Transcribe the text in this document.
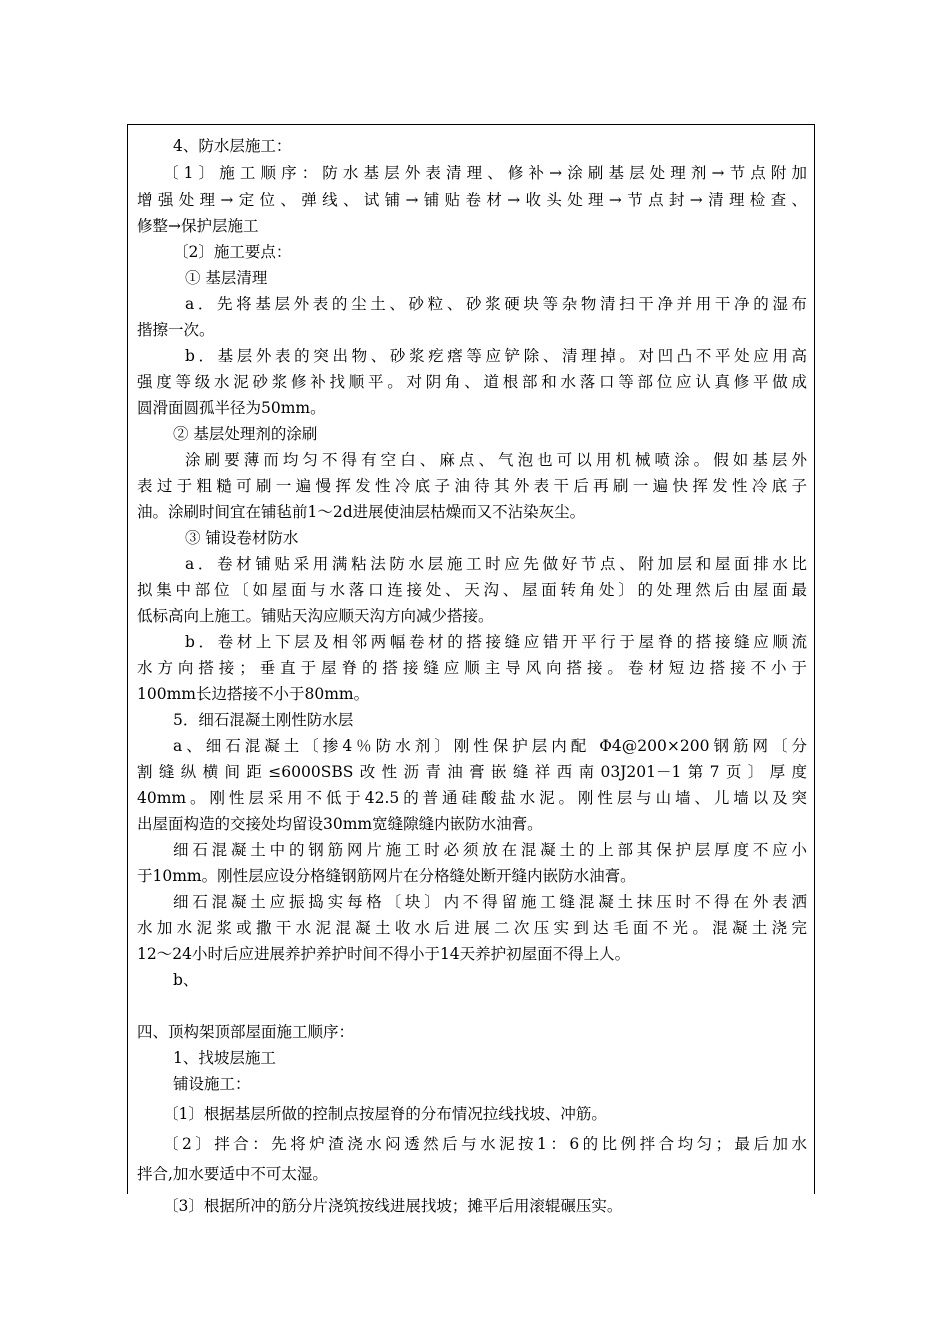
4、防水层施工：
〔1〕施工顺序：防水基层外表清理、修补→涂刷基层处理剂→节点附加
增强处理→定位、弹线、试铺→铺贴卷材→收头处理→节点封→清理检查、
修整→保护层施工
〔2〕施工要点：
① 基层清理
a．先将基层外表的尘土、砂粒、砂浆硬块等杂物清扫干净并用干净的湿布
揩擦一次。
b．基层外表的突出物、砂浆疙瘩等应铲除、清理掉。对凹凸不平处应用高
强度等级水泥砂浆修补找顺平。对阴角、道根部和水落口等部位应认真修平做成
圆滑面圆孤半径为50mm。
② 基层处理剂的涂刷
涂刷要薄而均匀不得有空白、麻点、气泡也可以用机械喷涂。假如基层外
表过于粗糙可刷一遍慢挥发性冷底子油待其外表干后再刷一遍快挥发性冷底子
油。涂刷时间宜在铺毡前1～2d进展使油层枯燥而又不沾染灰尘。
③ 铺设卷材防水
a．卷材铺贴采用满粘法防水层施工时应先做好节点、附加层和屋面排水比
拟集中部位〔如屋面与水落口连接处、天沟、屋面转角处〕的处理然后由屋面最
低标高向上施工。铺贴天沟应顺天沟方向减少搭接。
b．卷材上下层及相邻两幅卷材的搭接缝应错开平行于屋脊的搭接缝应顺流
水方向搭接；垂直于屋脊的搭接缝应顺主导风向搭接。卷材短边搭接不小于
100mm长边搭接不小于80mm。
5．细石混凝土刚性防水层
a、细石混凝土〔掺4％防水剂〕刚性保护层内配 Φ4@200×200钢筋网〔分
割缝纵横间距≤6000SBS改性沥青油膏嵌缝祥西南03J201－1第7页〕厚度
40mm。刚性层采用不低于42.5的普通硅酸盐水泥。刚性层与山墙、儿墙以及突
出屋面构造的交接处均留设30mm宽缝隙缝内嵌防水油膏。
细石混凝土中的钢筋网片施工时必须放在混凝土的上部其保护层厚度不应小
于10mm。刚性层应设分格缝钢筋网片在分格缝处断开缝内嵌防水油膏。
细石混凝土应振捣实每格〔块〕内不得留施工缝混凝土抹压时不得在外表洒
水加水泥浆或撒干水泥混凝土收水后进展二次压实到达毛面不光。混凝土浇完
12～24小时后应进展养护养护时间不得小于14天养护初屋面不得上人。
b、
四、顶构架顶部屋面施工顺序：
1、找坡层施工
铺设施工：
〔1〕根据基层所做的控制点按屋脊的分布情况拉线找坡、冲筋。
〔2〕拌合：先将炉渣浇水闷透然后与水泥按1：6的比例拌合均匀；最后加水
拌合,加水要适中不可太湿。
〔3〕根据所冲的筋分片浇筑按线进展找坡；摊平后用滚辊碾压实。
